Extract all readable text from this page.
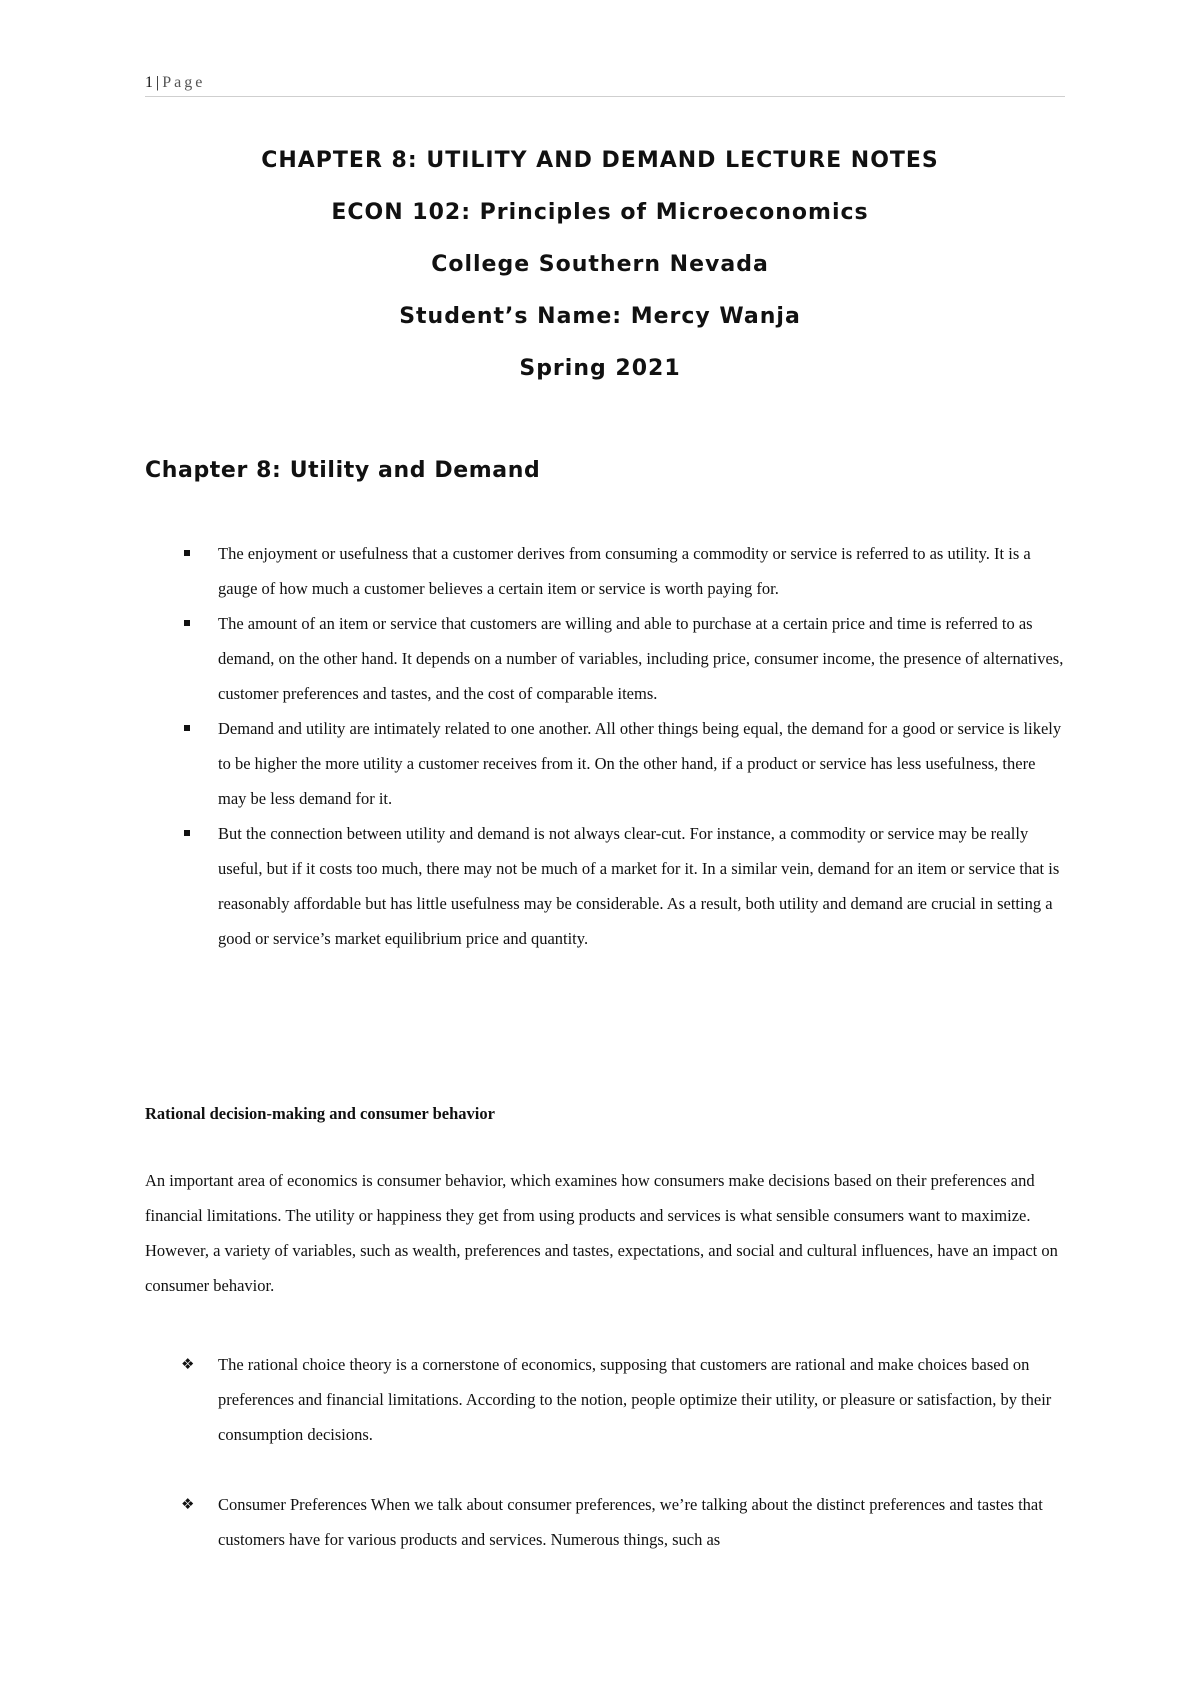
1 | Page
CHAPTER 8: UTILITY AND DEMAND LECTURE NOTES
ECON 102: Principles of Microeconomics
College Southern Nevada
Student’s Name: Mercy Wanja
Spring 2021
Chapter 8: Utility and Demand
The enjoyment or usefulness that a customer derives from consuming a commodity or service is referred to as utility. It is a gauge of how much a customer believes a certain item or service is worth paying for.
The amount of an item or service that customers are willing and able to purchase at a certain price and time is referred to as demand, on the other hand. It depends on a number of variables, including price, consumer income, the presence of alternatives, customer preferences and tastes, and the cost of comparable items.
Demand and utility are intimately related to one another. All other things being equal, the demand for a good or service is likely to be higher the more utility a customer receives from it. On the other hand, if a product or service has less usefulness, there may be less demand for it.
But the connection between utility and demand is not always clear-cut. For instance, a commodity or service may be really useful, but if it costs too much, there may not be much of a market for it. In a similar vein, demand for an item or service that is reasonably affordable but has little usefulness may be considerable. As a result, both utility and demand are crucial in setting a good or service’s market equilibrium price and quantity.
Rational decision-making and consumer behavior

An important area of economics is consumer behavior, which examines how consumers make decisions based on their preferences and financial limitations. The utility or happiness they get from using products and services is what sensible consumers want to maximize. However, a variety of variables, such as wealth, preferences and tastes, expectations, and social and cultural influences, have an impact on consumer behavior.

❖ The rational choice theory is a cornerstone of economics, supposing that customers are rational and make choices based on preferences and financial limitations. According to the notion, people optimize their utility, or pleasure or satisfaction, by their consumption decisions.
❖ Consumer Preferences When we talk about consumer preferences, we’re talking about the distinct preferences and tastes that customers have for various products and services. Numerous things, such as
